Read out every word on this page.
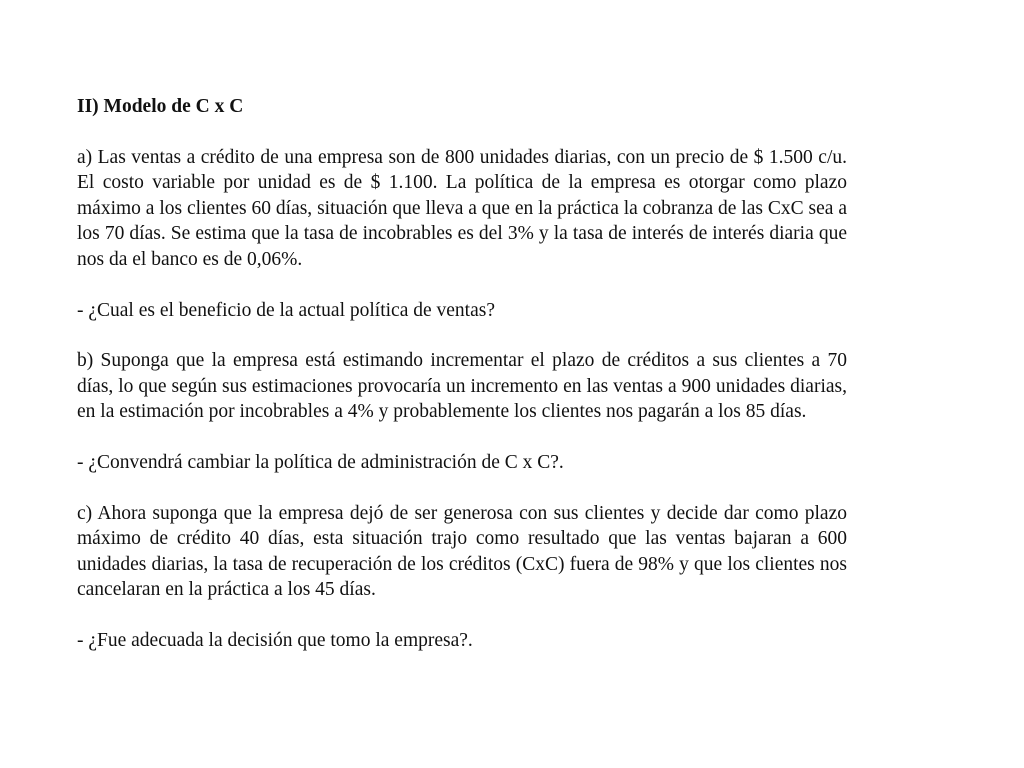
II) Modelo de C x C

a) Las ventas a crédito de una empresa son de 800 unidades diarias, con un precio de $ 1.500 c/u. El costo variable por unidad es de $ 1.100. La política de la empresa es otorgar como plazo máximo a los clientes 60 días, situación que lleva a que en la práctica la cobranza de las CxC sea a los 70 días. Se estima que la tasa de incobrables es del 3% y la tasa de interés de interés diaria que nos da el banco es de 0,06%.

- ¿Cual es el beneficio de la actual política de ventas?

b) Suponga que la empresa está estimando incrementar el plazo de créditos a sus clientes a 70 días, lo que según sus estimaciones provocaría un incremento en las ventas a 900 unidades diarias, en la estimación por incobrables a 4% y probablemente los clientes nos pagarán a los 85 días.

- ¿Convendrá cambiar la política de administración de C x C?.

c) Ahora suponga que la empresa dejó de ser generosa con sus clientes y decide dar como plazo máximo de crédito 40 días, esta situación trajo como resultado que las ventas bajaran a 600 unidades diarias, la tasa de recuperación de los créditos (CxC) fuera de 98% y que los clientes nos cancelaran en la práctica a los 45 días.

- ¿Fue adecuada la decisión que tomo la empresa?.
